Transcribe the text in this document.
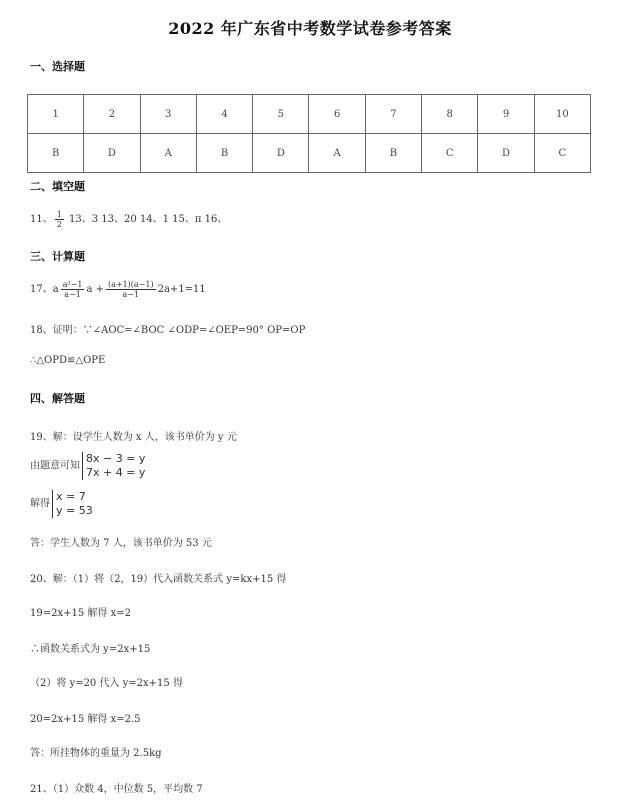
2022 年广东省中考数学试卷参考答案
一、选择题
1	2	3	4	5	6	7	8	9	10
B	D	A	B	D	A	B	C	D	C
二、填空题
11、 $\frac{1}{2} 13$、3 13、20 14、1 15、π 16、
三、计算题
17、a $\frac{\text{a²−1}}{a-1}$ $a + \frac{(a+1)(a-1)}{a-1} 2a+1=11$
18、证明：∵∠AOC=∠BOC ∠ODP=∠OEP=90° OP=OP
∴△OPD≌△OPE
四、解答题
19、解：设学生人数为 x 人，该书单价为 y 元
由题意可知
8x − 3 = y
7x + 4 = y
解得
x = 7
y = 53
答：学生人数为 7 人，该书单价为 53 元
20、解：（1）将（2，19）代入函数关系式 y=kx+15 得
19=2x+15 解得 x=2
∴函数关系式为 y=2x+15
（2）将 y=20 代入 y=2x+15 得
20=2x+15 解得 x=2.5
答：所挂物体的重量为 2.5kg
21、（1）众数 4，中位数 5，平均数 7
